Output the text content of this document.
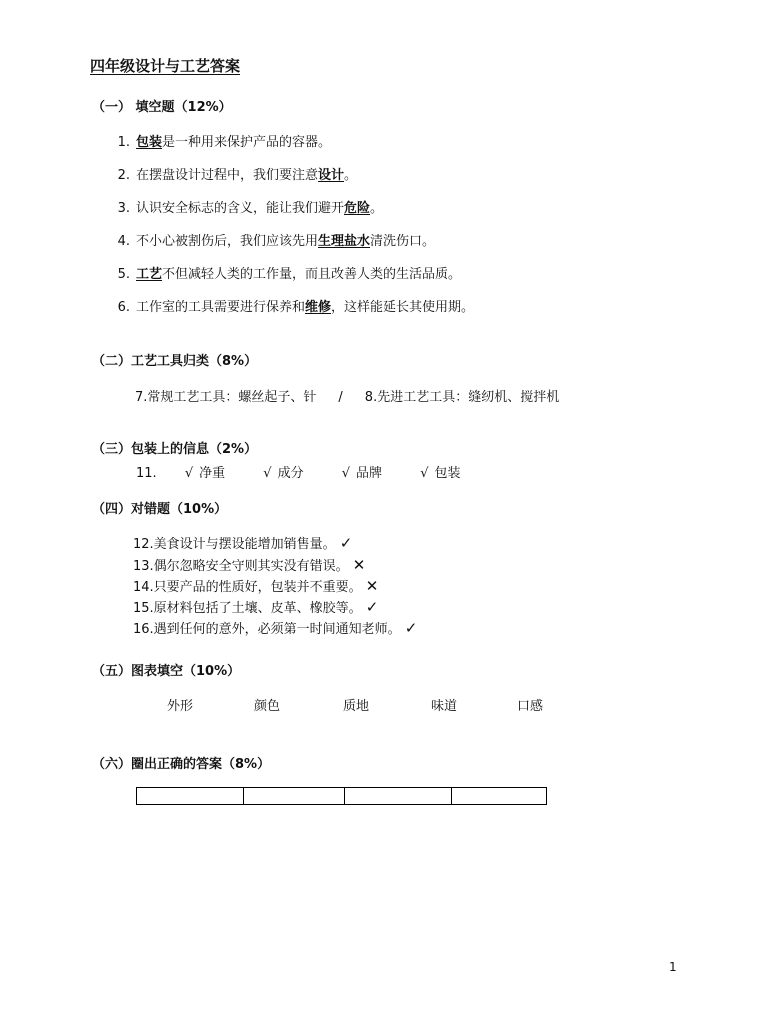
四年级设计与工艺答案
（一） 填空题（12%）
1. 包装是一种用来保护产品的容器。
2. 在摆盘设计过程中，我们要注意设计。
3. 认识安全标志的含义，能让我们避开危险。
4. 不小心被割伤后，我们应该先用生理盐水清洗伤口。
5. 工艺不但减轻人类的工作量，而且改善人类的生活品质。
6. 工作室的工具需要进行保养和维修，这样能延长其使用期。
（二）工艺工具归类（8%）
7.常规工艺工具：螺丝起子、针 / 8.先进工艺工具：缝纫机、搅拌机
（三）包装上的信息（2%）
11. √ 净重	√ 成分	√ 品牌	√ 包装
（四）对错题（10%）
12.美食设计与摆设能增加销售量。 ✓
13.偶尔忽略安全守则其实没有错误。 ✕
14.只要产品的性质好，包装并不重要。 ✕
15.原材料包括了土壤、皮革、橡胶等。 ✓
16.遇到任何的意外，必须第一时间通知老师。 ✓
（五）图表填空（10%）
外形	颜色	质地	味道	口感
（六）圈出正确的答案（8%）

1
